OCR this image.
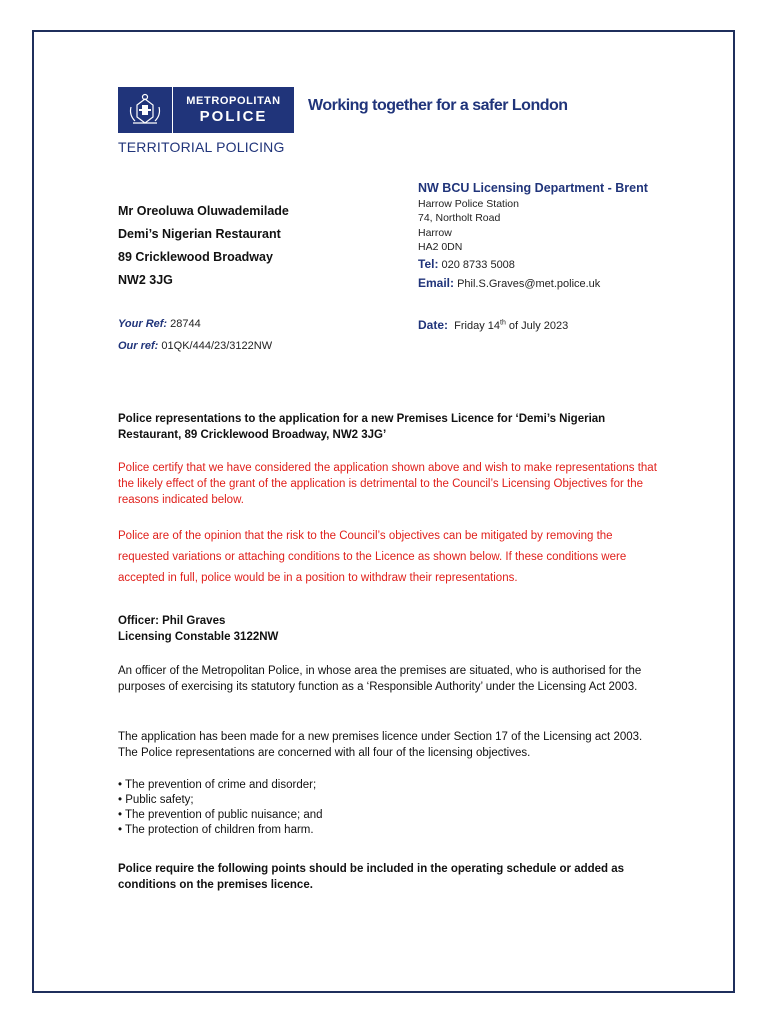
METROPOLITAN
POLICE
Working together for a safer London
TERRITORIAL POLICING
Mr Oreoluwa Oluwademilade
Demi’s Nigerian Restaurant
89 Cricklewood Broadway
NW2 3JG
NW BCU Licensing Department - Brent
Harrow Police Station
74, Northolt Road
Harrow
HA2 0DN
Tel: 020 8733 5008
Email: Phil.S.Graves@met.police.uk
Your Ref: 28744
Our ref: 01QK/444/23/3122NW
Date: Friday 14th of July 2023
Police representations to the application for a new Premises Licence for ‘Demi’s Nigerian Restaurant, 89 Cricklewood Broadway, NW2 3JG’
Police certify that we have considered the application shown above and wish to make representations that the likely effect of the grant of the application is detrimental to the Council’s Licensing Objectives for the reasons indicated below.
Police are of the opinion that the risk to the Council’s objectives can be mitigated by removing the requested variations or attaching conditions to the Licence as shown below. If these conditions were accepted in full, police would be in a position to withdraw their representations.
Officer: Phil Graves
Licensing Constable 3122NW
An officer of the Metropolitan Police, in whose area the premises are situated, who is authorised for the purposes of exercising its statutory function as a ‘Responsible Authority’ under the Licensing Act 2003.
The application has been made for a new premises licence under Section 17 of the Licensing act 2003. The Police representations are concerned with all four of the licensing objectives.
• The prevention of crime and disorder;
• Public safety;
• The prevention of public nuisance; and
• The protection of children from harm.
Police require the following points should be included in the operating schedule or added as conditions on the premises licence.
